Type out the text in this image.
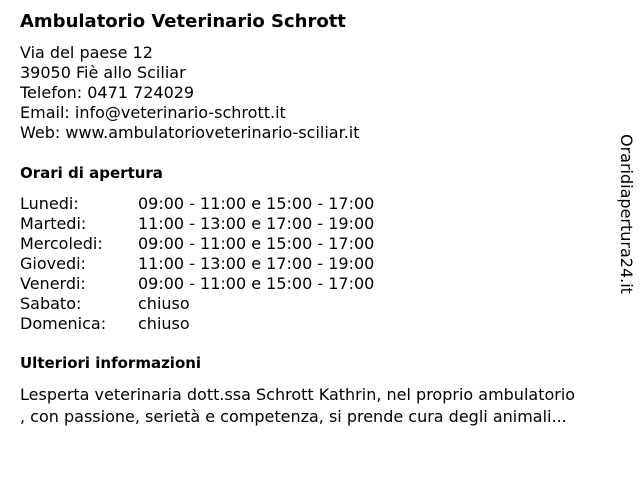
Ambulatorio Veterinario Schrott
Via del paese 12
39050 Fiè allo Sciliar
Telefon: 0471 724029
Email: info@veterinario-schrott.it
Web: www.ambulatorioveterinario-sciliar.it
Orari di apertura
Lunedi:	09:00 - 11:00 e 15:00 - 17:00
Martedi:	11:00 - 13:00 e 17:00 - 19:00
Mercoledi: 09:00 - 11:00 e 15:00 - 17:00
Giovedi:	11:00 - 13:00 e 17:00 - 19:00
Venerdi:	09:00 - 11:00 e 15:00 - 17:00
Sabato:	chiuso
Domenica: chiuso
Ulteriori informazioni
Lesperta veterinaria dott.ssa Schrott Kathrin, nel proprio ambulatorio
, con passione, serietà e competenza, si prende cura degli animali...
Oraridiapertura24.it
